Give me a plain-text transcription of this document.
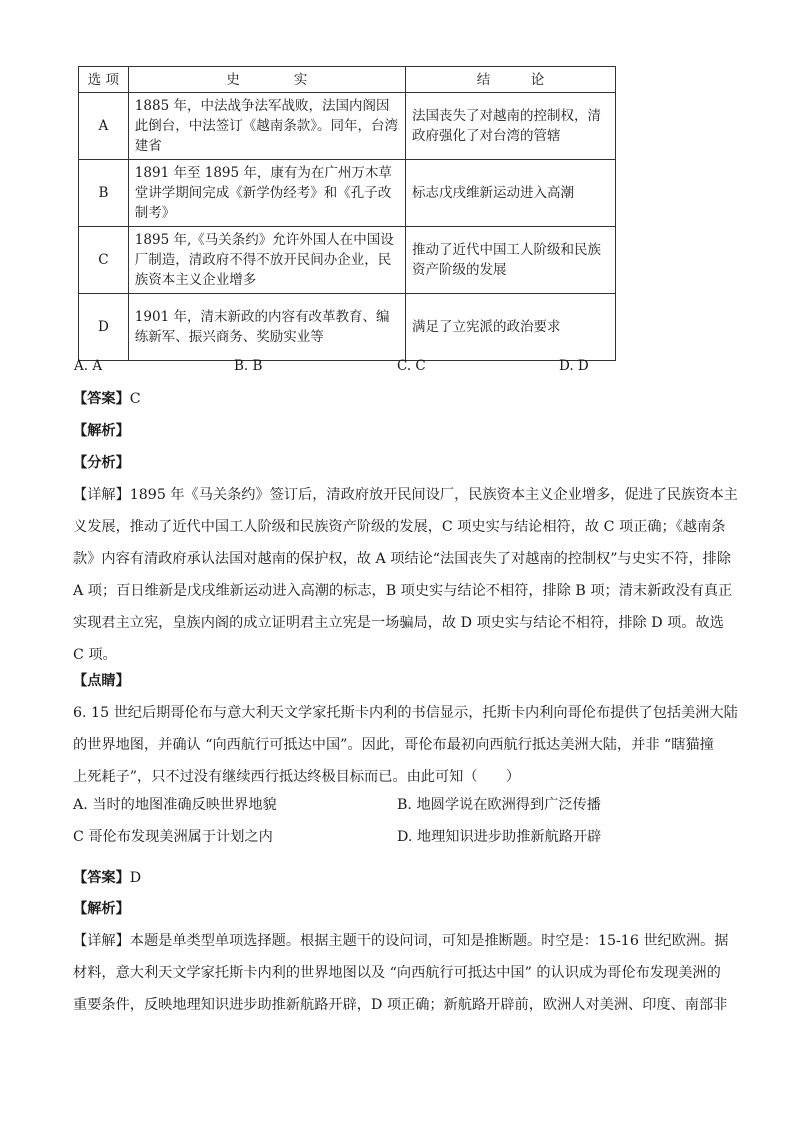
选 项	史　　　　实	结　　　论
A	1885 年，中法战争法军战败，法国内阁因此倒台，中法签订《越南条款》。同年，台湾建省	法国丧失了对越南的控制权，清政府强化了对台湾的管辖
B	1891 年至 1895 年，康有为在广州万木草堂讲学期间完成《新学伪经考》和《孔子改制考》	标志戊戌维新运动进入高潮
C	1895 年,《马关条约》允许外国人在中国设厂制造，清政府不得不放开民间办企业，民族资本主义企业增多	推动了近代中国工人阶级和民族资产阶级的发展
D	1901 年，清末新政的内容有改革教育、编练新军、振兴商务、奖励实业等	满足了立宪派的政治要求
A. A	B. B	C. C	D. D
【答案】C
【解析】
【分析】
【详解】1895 年《马关条约》签订后，清政府放开民间设厂，民族资本主义企业增多，促进了民族资本主
义发展，推动了近代中国工人阶级和民族资产阶级的发展，C 项史实与结论相符，故 C 项正确；《越南条
款》内容有清政府承认法国对越南的保护权，故 A 项结论“法国丧失了对越南的控制权”与史实不符，排除
A 项；百日维新是戊戌维新运动进入高潮的标志，B 项史实与结论不相符，排除 B 项；清末新政没有真正
实现君主立宪，皇族内阁的成立证明君主立宪是一场骗局，故 D 项史实与结论不相符，排除 D 项。故选
C 项。
【点睛】
6. 15 世纪后期哥伦布与意大利天文学家托斯卡内利的书信显示，托斯卡内利向哥伦布提供了包括美洲大陆
的世界地图，并确认 “向西航行可抵达中国”。因此，哥伦布最初向西航行抵达美洲大陆，并非 “瞎猫撞
上死耗子”，只不过没有继续西行抵达终极目标而已。由此可知（　　）
A. 当时的地图准确反映世界地貌	B. 地圆学说在欧洲得到广泛传播
C 哥伦布发现美洲属于计划之内	D. 地理知识进步助推新航路开辟
【答案】D
【解析】
【详解】本题是单类型单项选择题。根据主题干的设问词，可知是推断题。时空是：15-16 世纪欧洲。据
材料，意大利天文学家托斯卡内利的世界地图以及 “向西航行可抵达中国” 的认识成为哥伦布发现美洲的
重要条件，反映地理知识进步助推新航路开辟，D 项正确；新航路开辟前，欧洲人对美洲、印度、南部非
